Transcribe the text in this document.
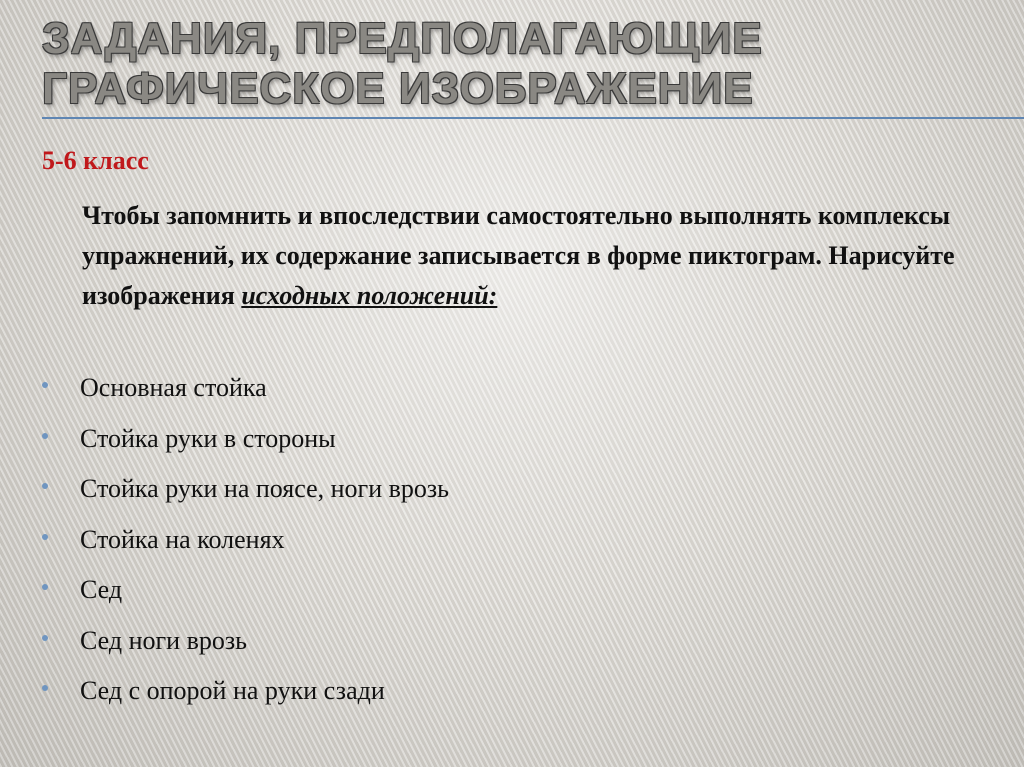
ЗАДАНИЯ, ПРЕДПОЛАГАЮЩИЕ
ГРАФИЧЕСКОЕ ИЗОБРАЖЕНИЕ
5-6 класс

Чтобы запомнить и впоследствии самостоятельно выполнять комплексы упражнений, их содержание записывается в форме пиктограм. Нарисуйте изображения исходных положений:

Основная стойка
Стойка руки в стороны
Стойка руки на поясе, ноги врозь
Стойка на коленях
Сед
Сед ноги врозь
Сед с опорой на руки сзади
